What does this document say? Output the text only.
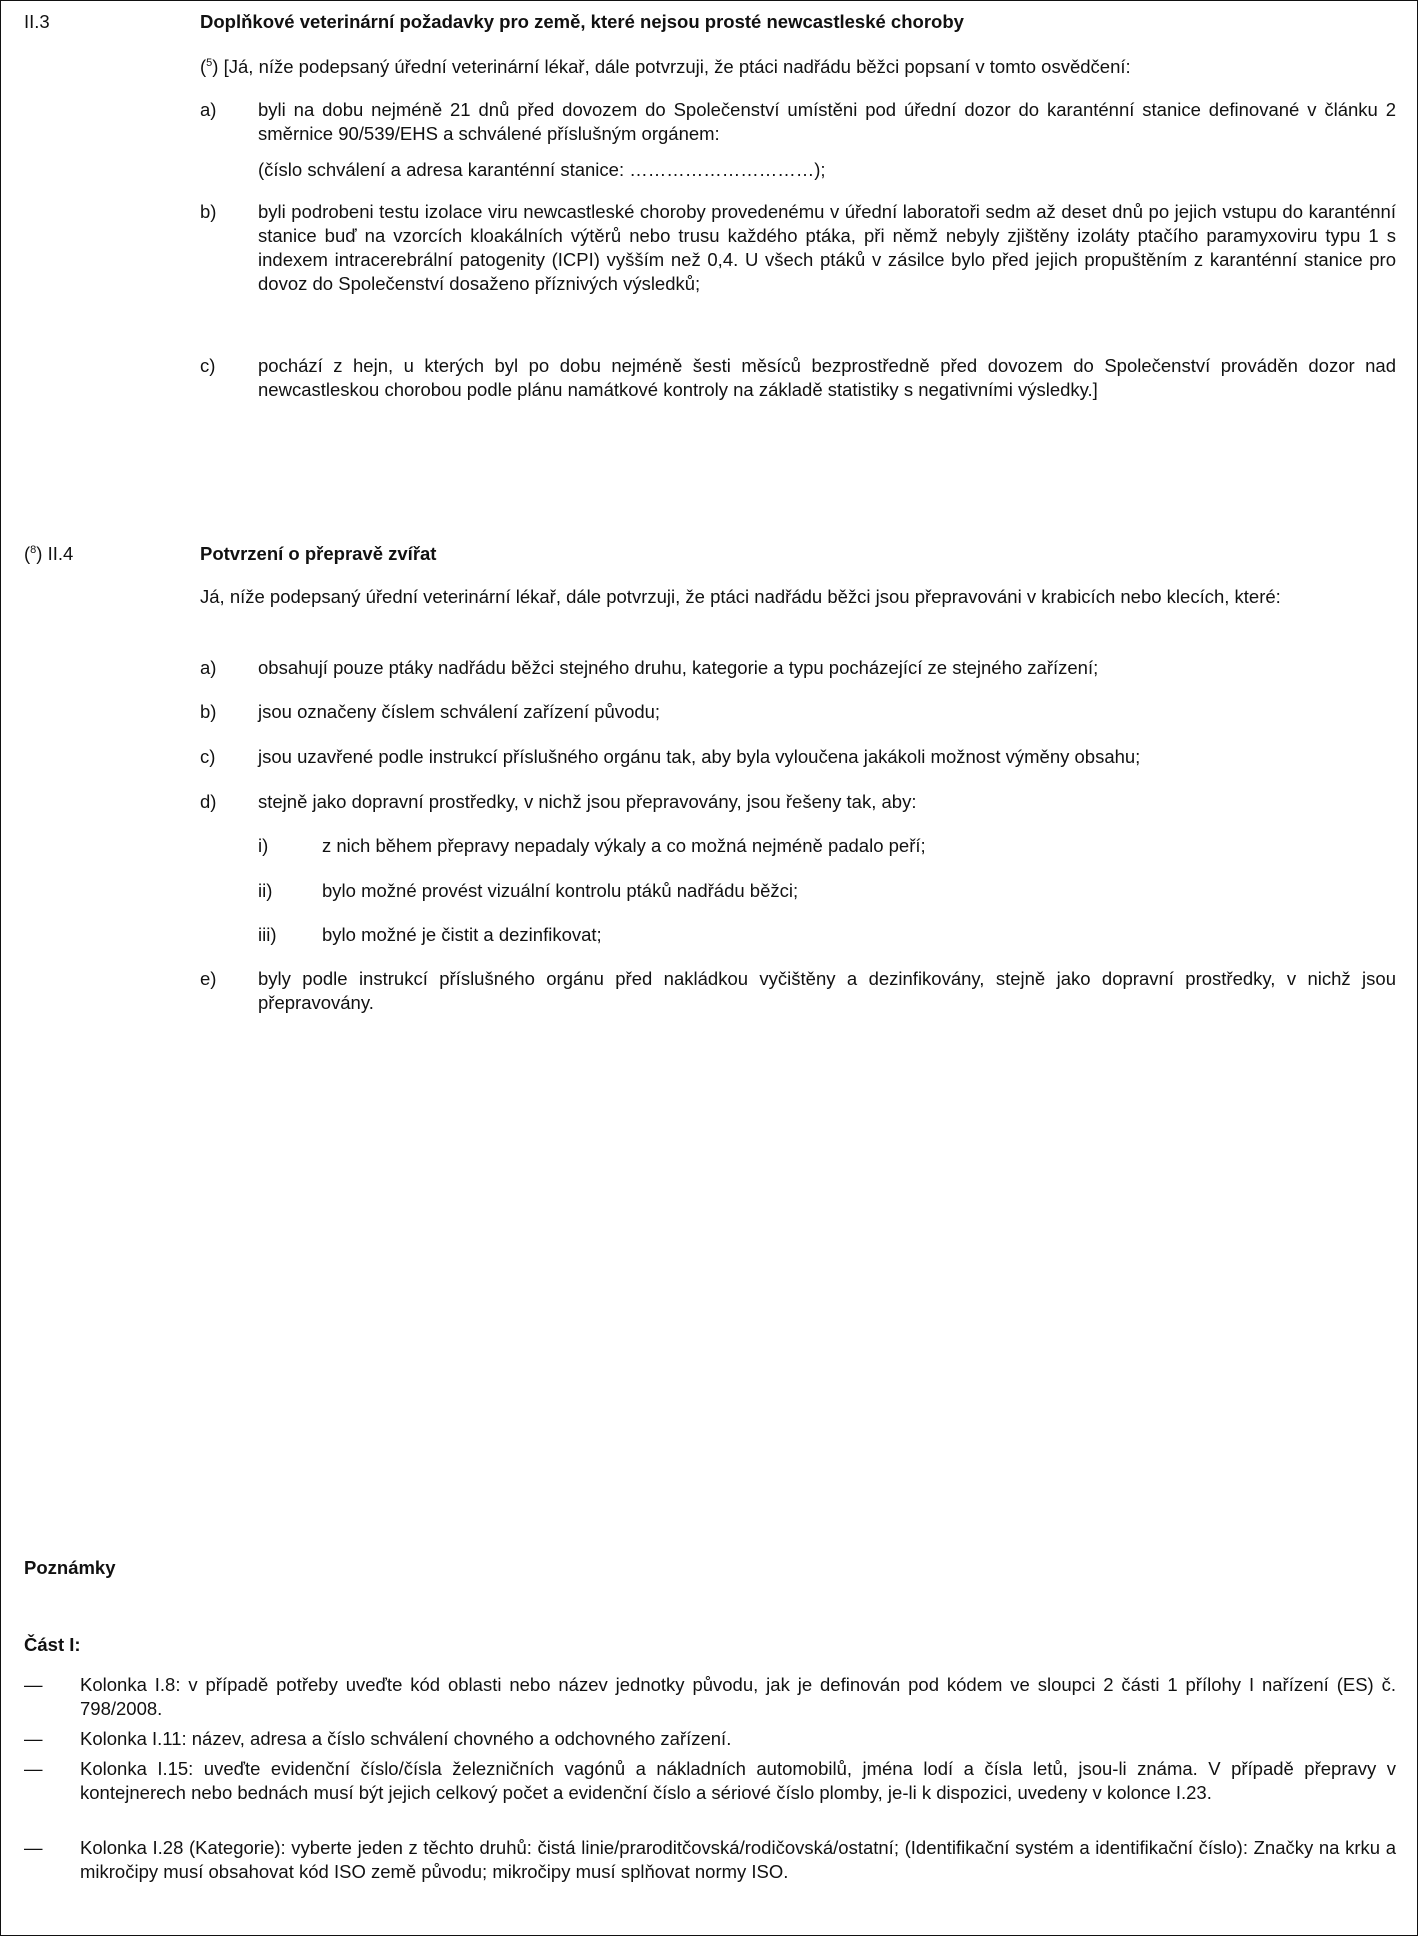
II.3	Doplňkové veterinární požadavky pro země, které nejsou prosté newcastleské choroby
($^5$) [Já, níže podepsaný úřední veterinární lékař, dále potvrzuji, že ptáci nadřádu běžci popsaní v tomto osvědčení:
a) byli na dobu nejméně 21 dnů před dovozem do Společenství umístěni pod úřední dozor do karanténní stanice definované v článku 2 směrnice 90/539/EHS a schválené příslušným orgánem:
(číslo schválení a adresa karanténní stanice: …………………………);
b) byli podrobeni testu izolace viru newcastleské choroby provedenému v úřední laboratoři sedm až deset dnů po jejich vstupu do karanténní stanice buď na vzorcích kloakálních výtěrů nebo trusu každého ptáka, při němž nebyly zjištěny izoláty ptačího paramyxoviru typu 1 s indexem intracerebrální patogenity (ICPI) vyšším než 0,4. U všech ptáků v zásilce bylo před jejich propuštěním z karanténní stanice pro dovoz do Společenství dosaženo příznivých výsledků;
c) pochází z hejn, u kterých byl po dobu nejméně šesti měsíců bezprostředně před dovozem do Společenství prováděn dozor nad newcastleskou chorobou podle plánu namátkové kontroly na základě statistiky s negativními výsledky.]
($^8$) II.4	Potvrzení o přepravě zvířat
Já, níže podepsaný úřední veterinární lékař, dále potvrzuji, že ptáci nadřádu běžci jsou přepravováni v krabicích nebo klecích, které:
a) obsahují pouze ptáky nadřádu běžci stejného druhu, kategorie a typu pocházející ze stejného zařízení;
b) jsou označeny číslem schválení zařízení původu;
c) jsou uzavřené podle instrukcí příslušného orgánu tak, aby byla vyloučena jakákoli možnost výměny obsahu;
d) stejně jako dopravní prostředky, v nichž jsou přepravovány, jsou řešeny tak, aby:
i)	z nich během přepravy nepadaly výkaly a co možná nejméně padalo peří;
ii)	bylo možné provést vizuální kontrolu ptáků nadřádu běžci;
iii) bylo možné je čistit a dezinfikovat;
e) byly podle instrukcí příslušného orgánu před nakládkou vyčištěny a dezinfikovány, stejně jako dopravní prostředky, v nichž jsou přepravovány.
Poznámky
Část I:
— Kolonka I.8: v případě potřeby uveďte kód oblasti nebo název jednotky původu, jak je definován pod kódem ve sloupci 2 části 1 přílohy I nařízení (ES) č. 798/2008.
— Kolonka I.11: název, adresa a číslo schválení chovného a odchovného zařízení.
— Kolonka I.15: uveďte evidenční číslo/čísla železničních vagónů a nákladních automobilů, jména lodí a čísla letů, jsou-li známa. V případě přepravy v kontejnerech nebo bednách musí být jejich celkový počet a evidenční číslo a sériové číslo plomby, je-li k dispozici, uvedeny v kolonce I.23.
— Kolonka I.28 (Kategorie): vyberte jeden z těchto druhů: čistá linie/praroditčovská/rodičovská/ostatní; (Identifikační systém a identifikační číslo): Značky na krku a mikročipy musí obsahovat kód ISO země původu; mikročipy musí splňovat normy ISO.
